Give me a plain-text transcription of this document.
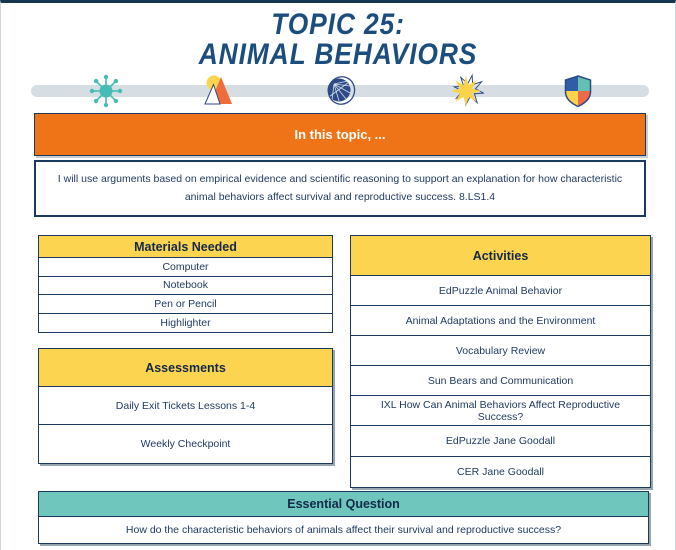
TOPIC 25:
ANIMAL BEHAVIORS
In this topic, ...
I will use arguments based on empirical evidence and scientific reasoning to support an explanation for how characteristic animal behaviors affect survival and reproductive success. 8.LS1.4
Materials Needed
Computer
Notebook
Pen or Pencil
Highlighter
Assessments
Daily Exit Tickets Lessons 1-4
Weekly Checkpoint
Activities
EdPuzzle Animal Behavior
Animal Adaptations and the Environment
Vocabulary Review
Sun Bears and Communication
IXL How Can Animal Behaviors Affect Reproductive Success?
EdPuzzle Jane Goodall
CER Jane Goodall
Essential Question
How do the characteristic behaviors of animals affect their survival and reproductive success?
